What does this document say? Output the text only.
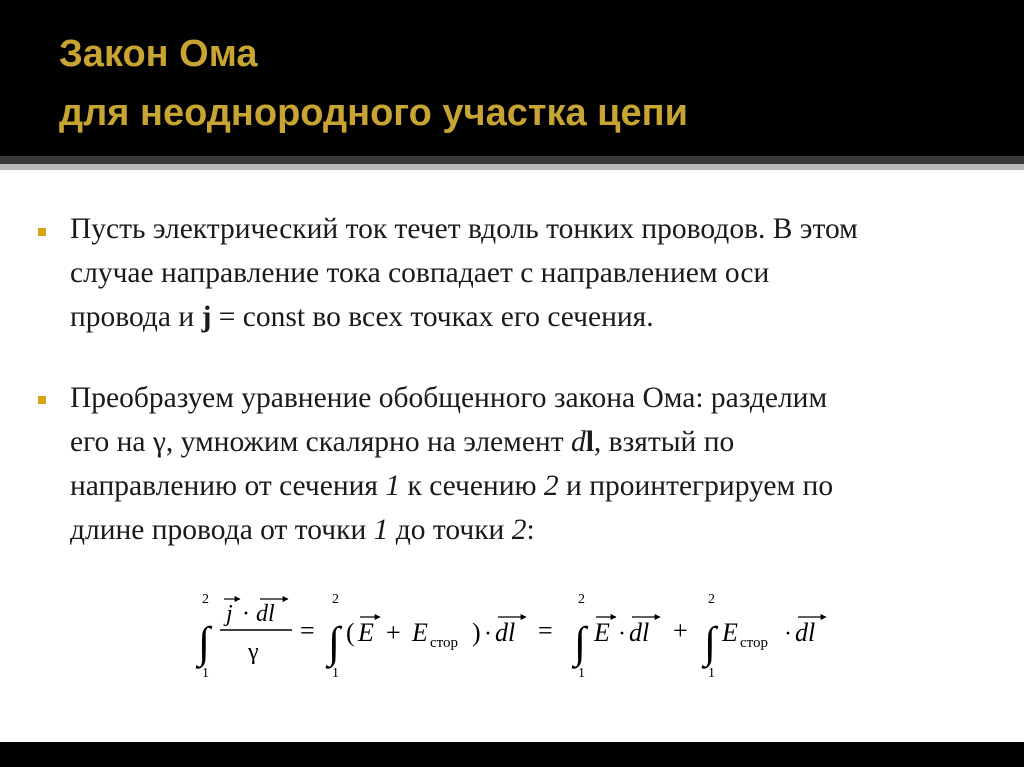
Закон Ома
для неоднородного участка цепи
Пусть электрический ток течет вдоль тонких проводов. В этом
случае направление тока совпадает с направлением оси
провода и j = const во всех точках его сечения.
Преобразуем уравнение обобщенного закона Ома: разделим
его на γ, умножим скалярно на элемент dl, взятый по
направлению от сечения 1 к сечению 2 и проинтегрируем по
длине провода от точки 1 до точки 2:
2
∫
1
j · dl
γ
=
2
∫
1
( E + E стор ) · dl =
2
∫
1
E · dl +
2
∫
1
E стор · dl
